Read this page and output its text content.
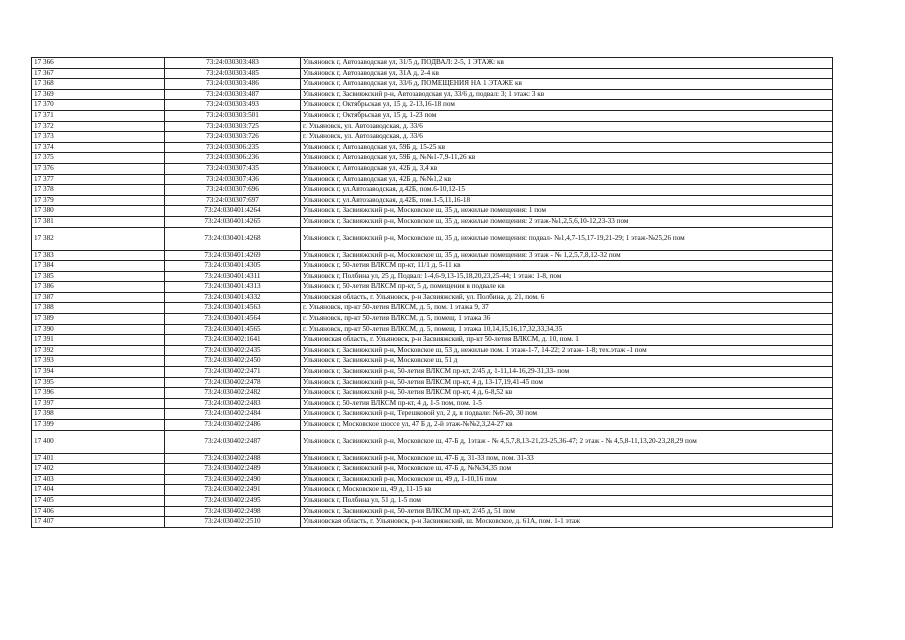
17 366	73:24:030303:483	Ульяновск г, Автозаводская ул, 31/5 д, ПОДВАЛ: 2-5, 1 ЭТАЖ: кв
17 367	73:24:030303:485	Ульяновск г, Автозаводская ул, 31А д, 2-4 кв
17 368	73:24:030303:486	Ульяновск г, Автозаводская ул, 33/6 д, ПОМЕЩЕНИЯ НА 1 ЭТАЖЕ кв
17 369	73:24:030303:487	Ульяновск г, Засвияжский р-н, Автозаводская ул, 33/6 д, подвал: 3; 1 этаж: 3 кв
17 370	73:24:030303:493	Ульяновск г, Октябрьская ул, 15 д, 2-13,16-18 пом
17 371	73:24:030303:501	Ульяновск г, Октябрьская ул, 15 д, 1-23 пом
17 372	73:24:030303:725	г. Ульяновск, ул. Автозаводская, д. 33/6
17 373	73:24:030303:726	г. Ульяновск, ул. Автозаводская, д. 33/6
17 374	73:24:030306:235	Ульяновск г, Автозаводская ул, 59Б д, 15-25 кв
17 375	73:24:030306:236	Ульяновск г, Автозаводская ул, 59Б д, №№1-7,9-11,26 кв
17 376	73:24:030307:435	Ульяновск г, Автозаводская ул, 42Б д, 3,4 кв
17 377	73:24:030307:436	Ульяновск г, Автозаводская ул, 42Б д, №№1,2 кв
17 378	73:24:030307:696	Ульяновск г, ул.Автозаводская, д.42Б, пом.6-10,12-15
17 379	73:24:030307:697	Ульяновск г, ул.Автозаводская, д.42Б, пом.1-5,11,16-18
17 380	73:24:030401:4264	Ульяновск г, Засвияжский р-н, Московское ш, 35 д, нежилые помещения: 1 пом
17 381	73:24:030401:4265	Ульяновск г, Засвияжский р-н, Московское ш, 35 д, нежилые помещения: 2 этаж-№1,2,5,6,10-12,23-33 пом
17 382	73:24:030401:4268	Ульяновск г, Засвияжский р-н, Московское ш, 35 д, нежилые помещения: подвал- №1,4,7-15,17-19,21-29; 1 этаж-№25,26 пом
17 383	73:24:030401:4269	Ульяновск г, Засвияжский р-н, Московское ш, 35 д, нежилые помещения: 3 этаж - № 1,2,5,7,8,12-32 пом
17 384	73:24:030401:4305	Ульяновск г, 50-летия ВЛКСМ пр-кт, 11/1 д, 5-11 кв
17 385	73:24:030401:4311	Ульяновск г, Полбина ул, 25 д, Подвал: 1-4,6-9,13-15,18,20,23,25-44; 1 этаж: 1-8, пом
17 386	73:24:030401:4313	Ульяновск г, 50-летия ВЛКСМ пр-кт, 5 д, помещения в подвале кв
17 387	73:24:030401:4332	Ульяновская область, г. Ульяновск, р-н Засвияжский, ул. Полбина, д. 21, пом. 6
17 388	73:24:030401:4563	г. Ульяновск, пр-кт 50-летия ВЛКСМ, д. 5, пом. 1 этажа 9, 37
17 389	73:24:030401:4564	г. Ульяновск, пр-кт 50-летия ВЛКСМ, д. 5, помещ. 1 этажа 36
17 390	73:24:030401:4565	г. Ульяновск, пр-кт 50-летия ВЛКСМ, д. 5, помещ. 1 этажа 10,14,15,16,17,32,33,34,35
17 391	73:24:030402:1641	Ульяновская область, г. Ульяновск, р-н Засвияжский, пр-кт 50-летия ВЛКСМ, д. 10, пом. 1
17 392	73:24:030402:2435	Ульяновск г, Засвияжский р-н, Московское ш, 53 д, нежилые пом. 1 этаж-1-7, 14-22; 2 этаж- 1-8; тех.этаж -1 пом
17 393	73:24:030402:2450	Ульяновск г, Засвияжский р-н, Московское ш, 51 д
17 394	73:24:030402:2471	Ульяновск г, Засвияжский р-н, 50-летия ВЛКСМ пр-кт, 2/45 д, 1-11,14-16,29-31,33- пом
17 395	73:24:030402:2478	Ульяновск г, Засвияжский р-н, 50-летия ВЛКСМ пр-кт, 4 д, 13-17,19,41-45 пом
17 396	73:24:030402:2482	Ульяновск г, Засвияжский р-н, 50-летия ВЛКСМ пр-кт, 4 д, 6-8,52 кв
17 397	73:24:030402:2483	Ульяновск г, 50-летия ВЛКСМ пр-кт, 4 д, 1-5 пом, пом. 1-5
17 398	73:24:030402:2484	Ульяновск г, Засвияжский р-н, Терешковой ул, 2 д, в подвале: №6-20, 30 пом
17 399	73:24:030402:2486	Ульяновск г, Московское шоссе ул, 47 Б д, 2-й этаж-№№2,3,24-27 кв
17 400	73:24:030402:2487	Ульяновск г, Засвияжский р-н, Московское ш, 47-Б д, 1этаж - № 4,5,7,8,13-21,23-25,36-47; 2 этаж - № 4,5,8-11,13,20-23,28,29 пом
17 401	73:24:030402:2488	Ульяновск г, Засвияжский р-н, Московское ш, 47-Б д, 31-33 пом, пом. 31-33
17 402	73:24:030402:2489	Ульяновск г, Засвияжский р-н, Московское ш, 47-Б д, №№34,35 пом
17 403	73:24:030402:2490	Ульяновск г, Засвияжский р-н, Московское ш, 49 д, 1-10,16 пом
17 404	73:24:030402:2491	Ульяновск г, Московское ш, 49 д, 11-15 кв
17 405	73:24:030402:2495	Ульяновск г, Полбина ул, 51 д, 1-5 пом
17 406	73:24:030402:2498	Ульяновск г, Засвияжский р-н, 50-летия ВЛКСМ пр-кт, 2/45 д, 51 пом
17 407	73:24:030402:2510	Ульяновская область, г. Ульяновск, р-н Засвияжский, ш. Московское, д. 61А, пом. 1-1 этаж
